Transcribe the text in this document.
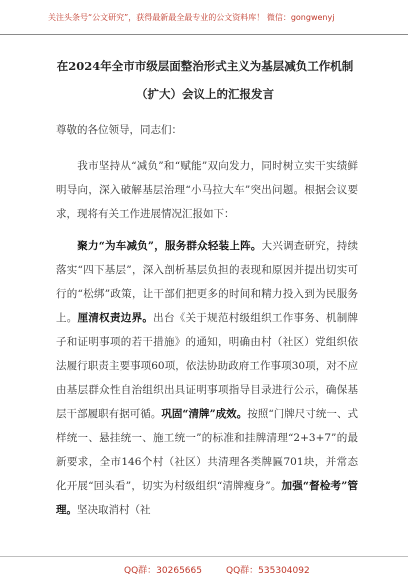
关注头条号“公文研究”，获得最新最全最专业的公文资料库！ 微信：gongwenyj
在2024年全市市级层面整治形式主义为基层减负工作机制
（扩大）会议上的汇报发言
尊敬的各位领导，同志们：
我市坚持从“减负”和“赋能”双向发力，同时树立实干实绩鲜明导向，深入破解基层治理“小马拉大车”突出问题。根据会议要求，现将有关工作进展情况汇报如下：
聚力“为车减负”，服务群众轻装上阵。大兴调查研究，持续落实“四下基层”，深入剖析基层负担的表现和原因并提出切实可行的“松绑”政策，让干部们把更多的时间和精力投入到为民服务上。厘清权责边界。出台《关于规范村级组织工作事务、机制牌子和证明事项的若干措施》的通知，明确由村（社区）党组织依法履行职责主要事项60项，依法协助政府工作事项30项，对不应由基层群众性自治组织出具证明事项指导目录进行公示，确保基层干部履职有据可循。巩固“清牌”成效。按照“门牌尺寸统一、式样统一、悬挂统一、施工统一”的标准和挂牌清理“2+3+7”的最新要求，全市146个村（社区）共清理各类牌匾701块，并常态化开展“回头看”，切实为村级组织“清牌瘦身”。加强“督检考”管理。坚决取消村（社
QQ群：30265665	QQ群：535304092
